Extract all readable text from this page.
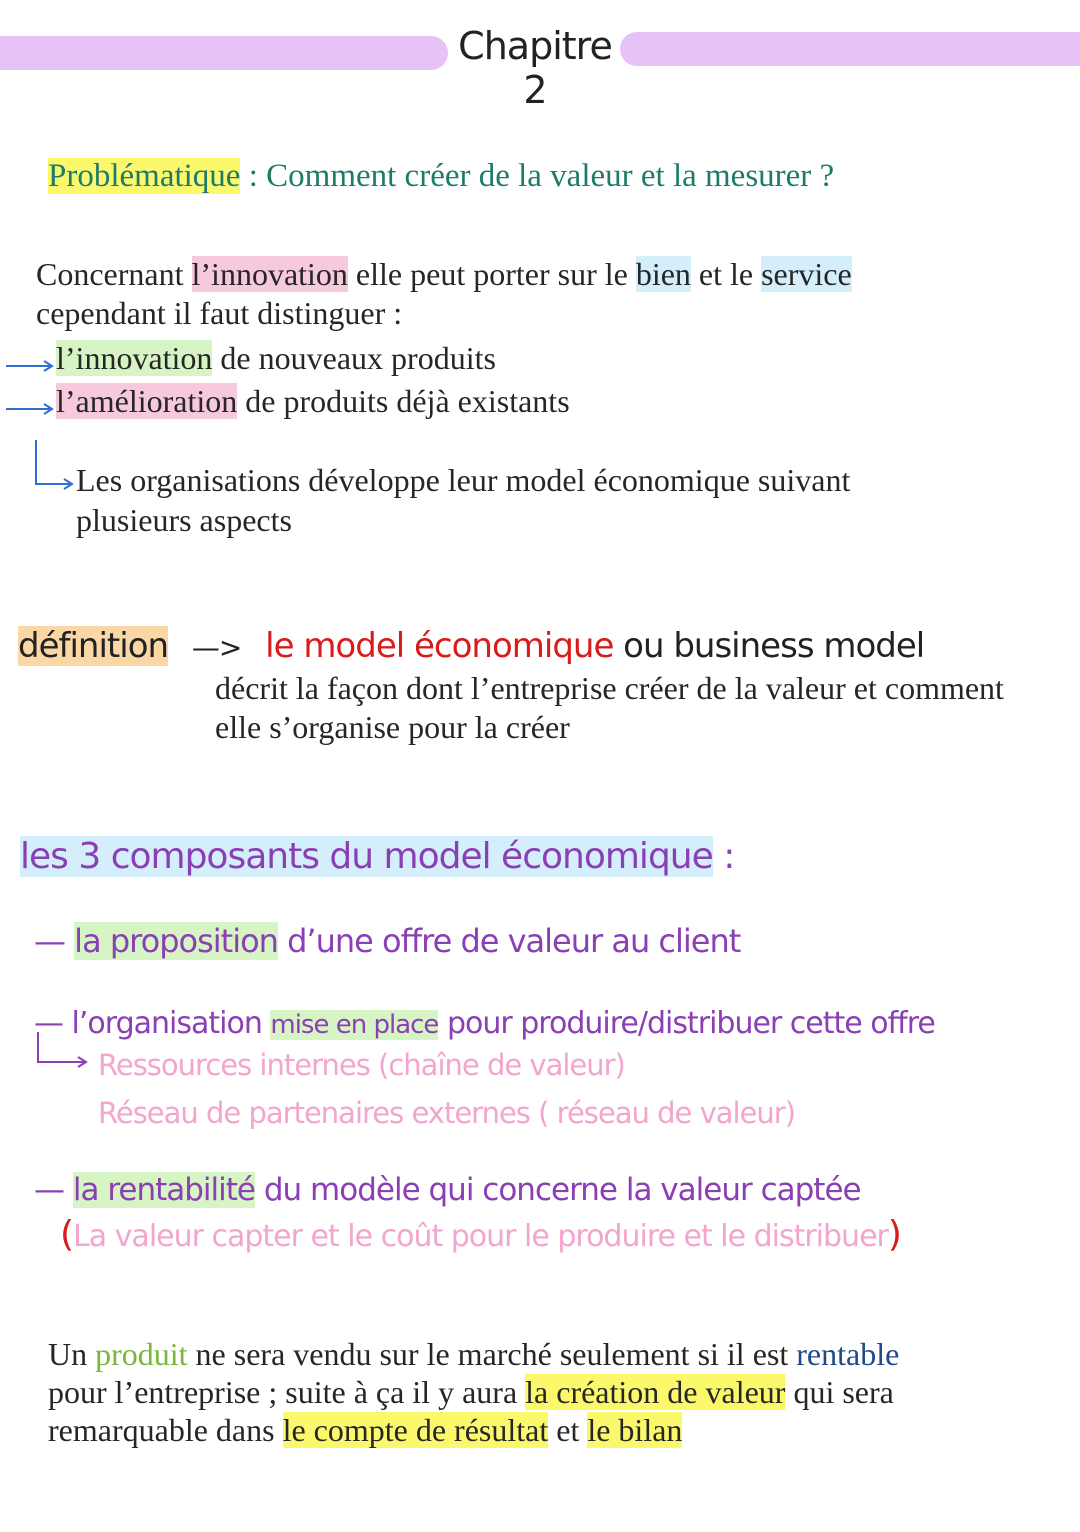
Chapitre 2
Problématique : Comment créer de la valeur et la mesurer ?
Concernant l’innovation elle peut porter sur le bien et le service
cependant il faut distinguer :
l’innovation de nouveaux produits
l’amélioration de produits déjà existants
Les organisations développe leur model économique suivant
plusieurs aspects
définition —> le model économique ou business model
décrit la façon dont l’entreprise créer de la valeur et comment
elle s’organise pour la créer
les 3 composants du model économique :
— la proposition d’une offre de valeur au client
— l’organisation mise en place pour produire/distribuer cette offre
Ressources internes (chaîne de valeur)
Réseau de partenaires externes ( réseau de valeur)
— la rentabilité du modèle qui concerne la valeur captée
(La valeur capter et le coût pour le produire et le distribuer)
Un produit ne sera vendu sur le marché seulement si il est rentable
pour l’entreprise ; suite à ça il y aura la création de valeur qui sera
remarquable dans le compte de résultat et le bilan
